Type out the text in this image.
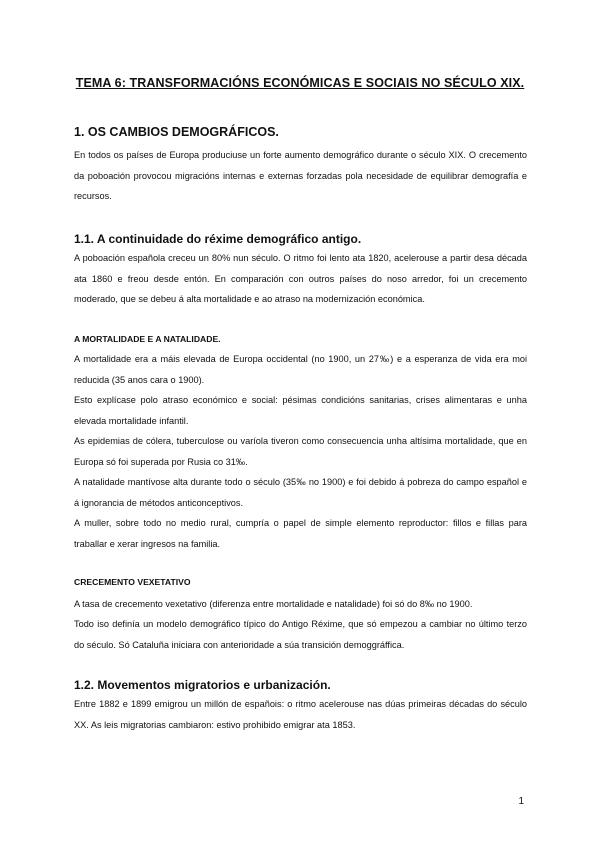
TEMA 6: TRANSFORMACIÓNS ECONÓMICAS E SOCIAIS NO SÉCULO XIX.
1. OS CAMBIOS DEMOGRÁFICOS.

En todos os países de Europa produciuse un forte aumento demográfico durante o século XIX. O crecemento da poboación provocou migracións internas e externas forzadas pola necesidade de equilibrar demografía e recursos.

1.1. A continuidade do réxime demográfico antigo.

A poboación española creceu un 80% nun século. O ritmo foi lento ata 1820, acelerouse a partir desa década ata 1860 e freou desde entón. En comparación con outros países do noso arredor, foi un crecemento moderado, que se debeu á alta mortalidade e ao atraso na modernización económica.

A MORTALIDADE E A NATALIDADE.

A mortalidade era a máis elevada de Europa occidental (no 1900, un 27‰) e a esperanza de vida era moi reducida (35 anos cara o 1900).

Esto explícase polo atraso económico e social: pésimas condicións sanitarias, crises alimentaras e unha elevada mortalidade infantil.

As epidemias de cólera, tuberculose ou varíola tiveron como consecuencia unha altísima mortalidade, que en Europa só foi superada por Rusia co 31‰.

A natalidade mantívose alta durante todo o século (35‰ no 1900) e foi debido á pobreza do campo español e á ignorancia de métodos anticonceptivos.

A muller, sobre todo no medio rural, cumpría o papel de simple elemento reproductor: fillos e fillas para traballar e xerar ingresos na familia.

CRECEMENTO VEXETATIVO

A tasa de crecemento vexetativo (diferenza entre mortalidade e natalidade) foi só do 8‰ no 1900.

Todo iso definía un modelo demográfico típico do Antigo Réxime, que só empezou a cambiar no último terzo do século. Só Cataluña iniciara con anterioridade a súa transición demoggráffica.

1.2. Movementos migratorios e urbanización.

Entre 1882 e 1899 emigrou un millón de españois: o ritmo acelerouse nas dúas primeiras décadas do século XX. As leis migratorias cambiaron: estivo prohibido emigrar ata 1853.

1
